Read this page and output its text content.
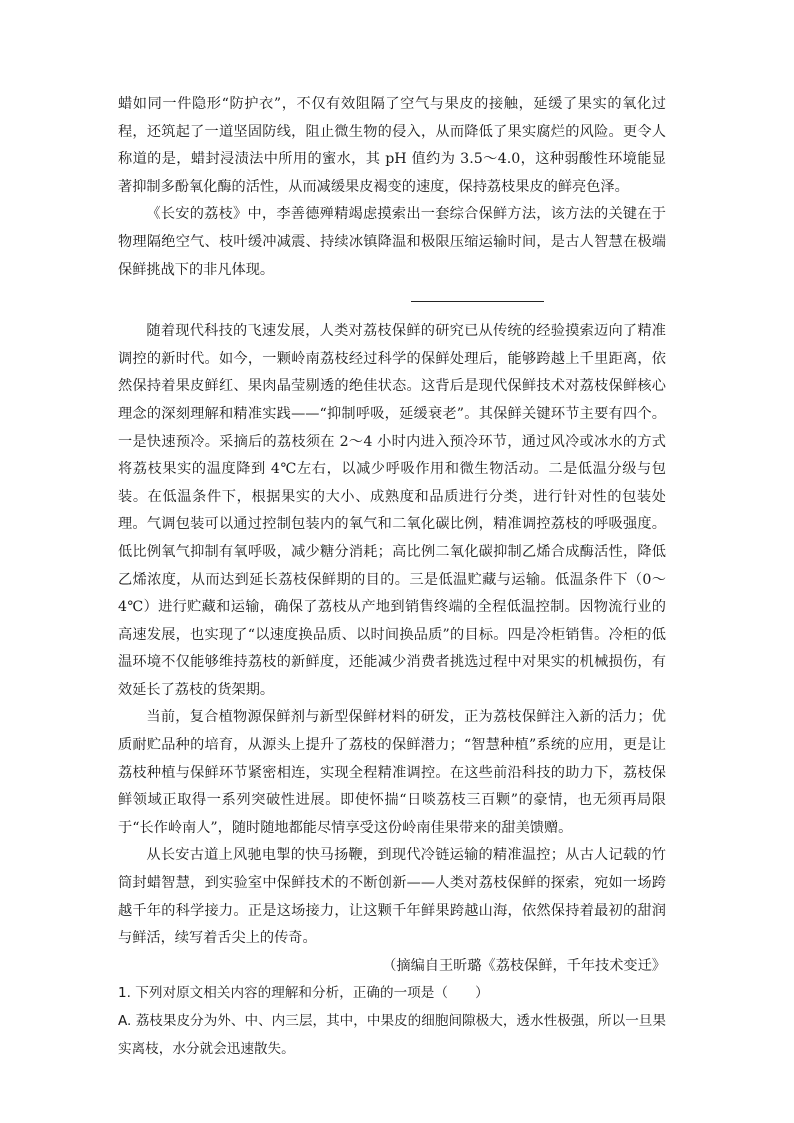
蜡如同一件隐形“防护衣”，不仅有效阻隔了空气与果皮的接触，延缓了果实的氧化过程，还筑起了一道坚固防线，阻止微生物的侵入，从而降低了果实腐烂的风险。更令人称道的是，蜡封浸渍法中所用的蜜水，其 pH 值约为 3.5～4.0，这种弱酸性环境能显著抑制多酚氧化酶的活性，从而减缓果皮褐变的速度，保持荔枝果皮的鲜亮色泽。

《长安的荔枝》中，李善德殚精竭虑摸索出一套综合保鲜方法，该方法的关键在于物理隔绝空气、枝叶缓冲减震、持续冰镇降温和极限压缩运输时间，是古人智慧在极端保鲜挑战下的非凡体现。

随着现代科技的飞速发展，人类对荔枝保鲜的研究已从传统的经验摸索迈向了精准调控的新时代。如今，一颗岭南荔枝经过科学的保鲜处理后，能够跨越上千里距离，依然保持着果皮鲜红、果肉晶莹剔透的绝佳状态。这背后是现代保鲜技术对荔枝保鲜核心理念的深刻理解和精准实践——“抑制呼吸，延缓衰老”。其保鲜关键环节主要有四个。一是快速预冷。采摘后的荔枝须在 2～4 小时内进入预冷环节，通过风冷或冰水的方式将荔枝果实的温度降到 4℃左右，以减少呼吸作用和微生物活动。二是低温分级与包装。在低温条件下，根据果实的大小、成熟度和品质进行分类，进行针对性的包装处理。气调包装可以通过控制包装内的氧气和二氧化碳比例，精准调控荔枝的呼吸强度。低比例氧气抑制有氧呼吸，减少糖分消耗；高比例二氧化碳抑制乙烯合成酶活性，降低乙烯浓度，从而达到延长荔枝保鲜期的目的。三是低温贮藏与运输。低温条件下（0～4℃）进行贮藏和运输，确保了荔枝从产地到销售终端的全程低温控制。因物流行业的高速发展，也实现了“以速度换品质、以时间换品质”的目标。四是冷柜销售。冷柜的低温环境不仅能够维持荔枝的新鲜度，还能减少消费者挑选过程中对果实的机械损伤，有效延长了荔枝的货架期。

当前，复合植物源保鲜剂与新型保鲜材料的研发，正为荔枝保鲜注入新的活力；优质耐贮品种的培育，从源头上提升了荔枝的保鲜潜力；“智慧种植”系统的应用，更是让荔枝种植与保鲜环节紧密相连，实现全程精准调控。在这些前沿科技的助力下，荔枝保鲜领域正取得一系列突破性进展。即使怀揣“日啖荔枝三百颗”的豪情，也无须再局限于“长作岭南人”，随时随地都能尽情享受这份岭南佳果带来的甜美馈赠。

从长安古道上风驰电掣的快马扬鞭，到现代冷链运输的精准温控；从古人记载的竹筒封蜡智慧，到实验室中保鲜技术的不断创新——人类对荔枝保鲜的探索，宛如一场跨越千年的科学接力。正是这场接力，让这颗千年鲜果跨越山海，依然保持着最初的甜润与鲜活，续写着舌尖上的传奇。

（摘编自王昕璐《荔枝保鲜，千年技术变迁》

1. 下列对原文相关内容的理解和分析，正确的一项是（　　）

A. 荔枝果皮分为外、中、内三层，其中，中果皮的细胞间隙极大，透水性极强，所以一旦果实离枝，水分就会迅速散失。
